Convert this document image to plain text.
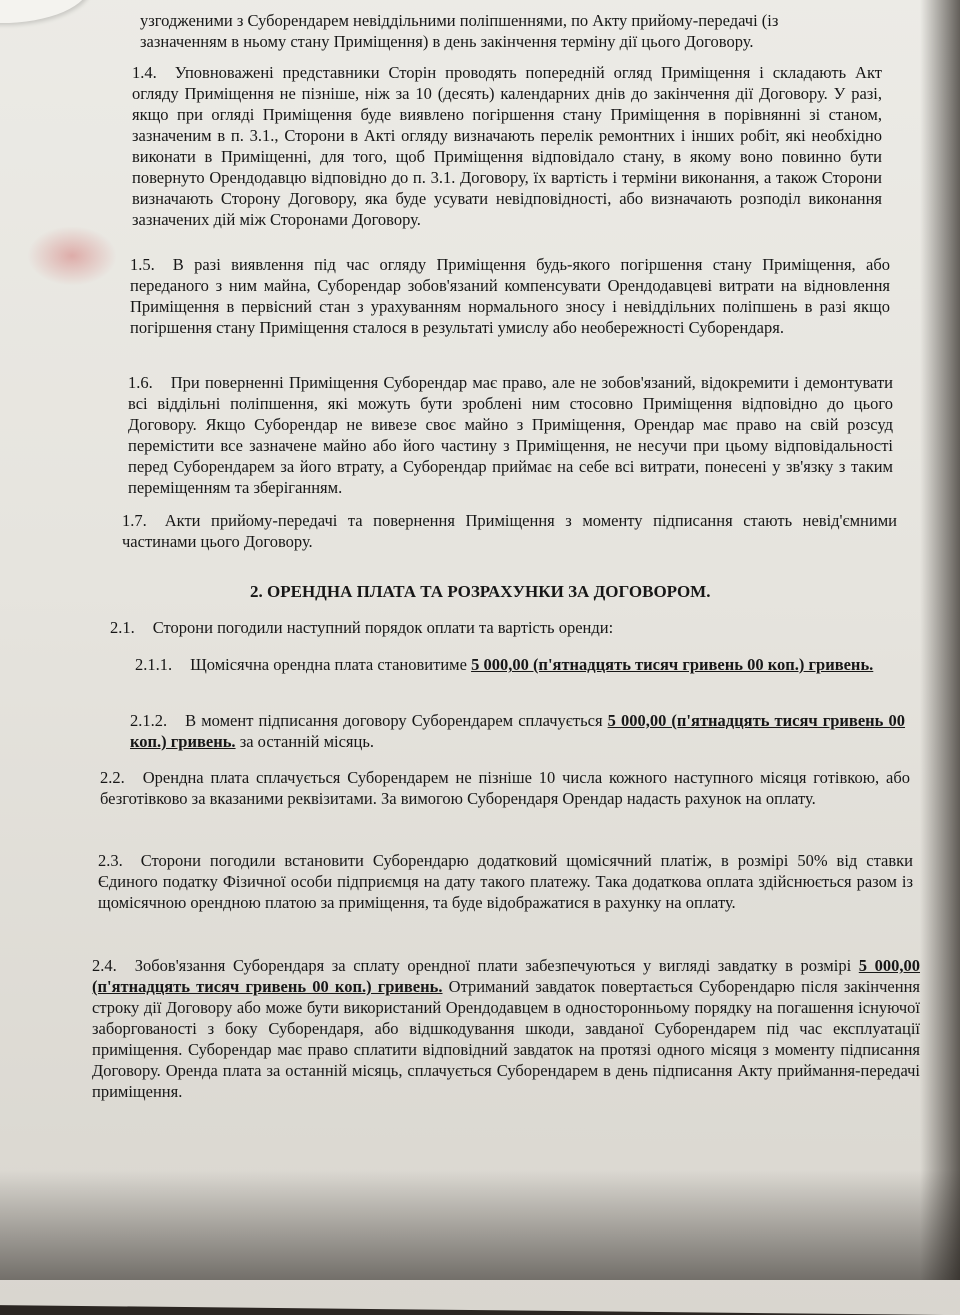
узгодженими з Суборендарем невіддільними поліпшеннями, по Акту прийому-передачі (із

зазначенням в ньому стану Приміщення) в день закінчення терміну дії цього Договору.

1.4. Уповноважені представники Сторін проводять попередній огляд Приміщення і складають Акт огляду Приміщення не пізніше, ніж за 10 (десять) календарних днів до закінчення дії Договору. У разі, якщо при огляді Приміщення буде виявлено погіршення стану Приміщення в порівнянні зі станом, зазначеним в п. 3.1., Сторони в Акті огляду визначають перелік ремонтних і інших робіт, які необхідно виконати в Приміщенні, для того, щоб Приміщення відповідало стану, в якому воно повинно бути повернуто Орендодавцю відповідно до п. 3.1. Договору, їх вартість і терміни виконання, а також Сторони визначають Сторону Договору, яка буде усувати невідповідності, або визначають розподіл виконання зазначених дій між Сторонами Договору.
1.5. В разі виявлення під час огляду Приміщення будь-якого погіршення стану Приміщення, або переданого з ним майна, Суборендар зобов'язаний компенсувати Орендодавцеві витрати на відновлення Приміщення в первісний стан з урахуванням нормального зносу і невіддільних поліпшень в разі якщо погіршення стану Приміщення сталося в результаті умислу або необережності Суборендаря.
1.6. При поверненні Приміщення Суборендар має право, але не зобов'язаний, відокремити і демонтувати всі віддільні поліпшення, які можуть бути зроблені ним стосовно Приміщення відповідно до цього Договору. Якщо Суборендар не вивезе своє майно з Приміщення, Орендар має право на свій розсуд перемістити все зазначене майно або його частину з Приміщення, не несучи при цьому відповідальності перед Суборендарем за його втрату, а Суборендар приймає на себе всі витрати, понесені у зв'язку з таким переміщенням та зберіганням.
1.7. Акти прийому-передачі та повернення Приміщення з моменту підписання стають невід'ємними частинами цього Договору.
2. ОРЕНДНА ПЛАТА ТА РОЗРАХУНКИ ЗА ДОГОВОРОМ.
2.1. Сторони погодили наступний порядок оплати та вартість оренди:
2.1.1. Щомісячна орендна плата становитиме 5 000,00 (п'ятнадцять тисяч гривень 00 коп.) гривень.
2.1.2. В момент підписання договору Суборендарем сплачується 5 000,00 (п'ятнадцять тисяч гривень 00 коп.) гривень. за останній місяць.
2.2. Орендна плата сплачується Суборендарем не пізніше 10 числа кожного наступного місяця готівкою, або безготівково за вказаними реквізитами. За вимогою Суборендаря Орендар надасть рахунок на оплату.
2.3. Сторони погодили встановити Суборендарю додатковий щомісячний платіж, в розмірі 50% від ставки Єдиного податку Фізичної особи підприємця на дату такого платежу. Така додаткова оплата здійснюється разом із щомісячною орендною платою за приміщення, та буде відображатися в рахунку на оплату.
2.4. Зобов'язання Суборендаря за сплату орендної плати забезпечуються у вигляді завдатку в розмірі 5 000,00 (п'ятнадцять тисяч гривень 00 коп.) гривень. Отриманий завдаток повертається Суборендарю після закінчення строку дії Договору або може бути використаний Орендодавцем в односторонньому порядку на погашення існуючої заборгованості з боку Суборендаря, або відшкодування шкоди, завданої Суборендарем під час експлуатації приміщення. Суборендар має право сплатити відповідний завдаток на протязі одного місяця з моменту підписання Договору. Оренда плата за останній місяць, сплачується Суборендарем в день підписання Акту приймання-передачі приміщення.
